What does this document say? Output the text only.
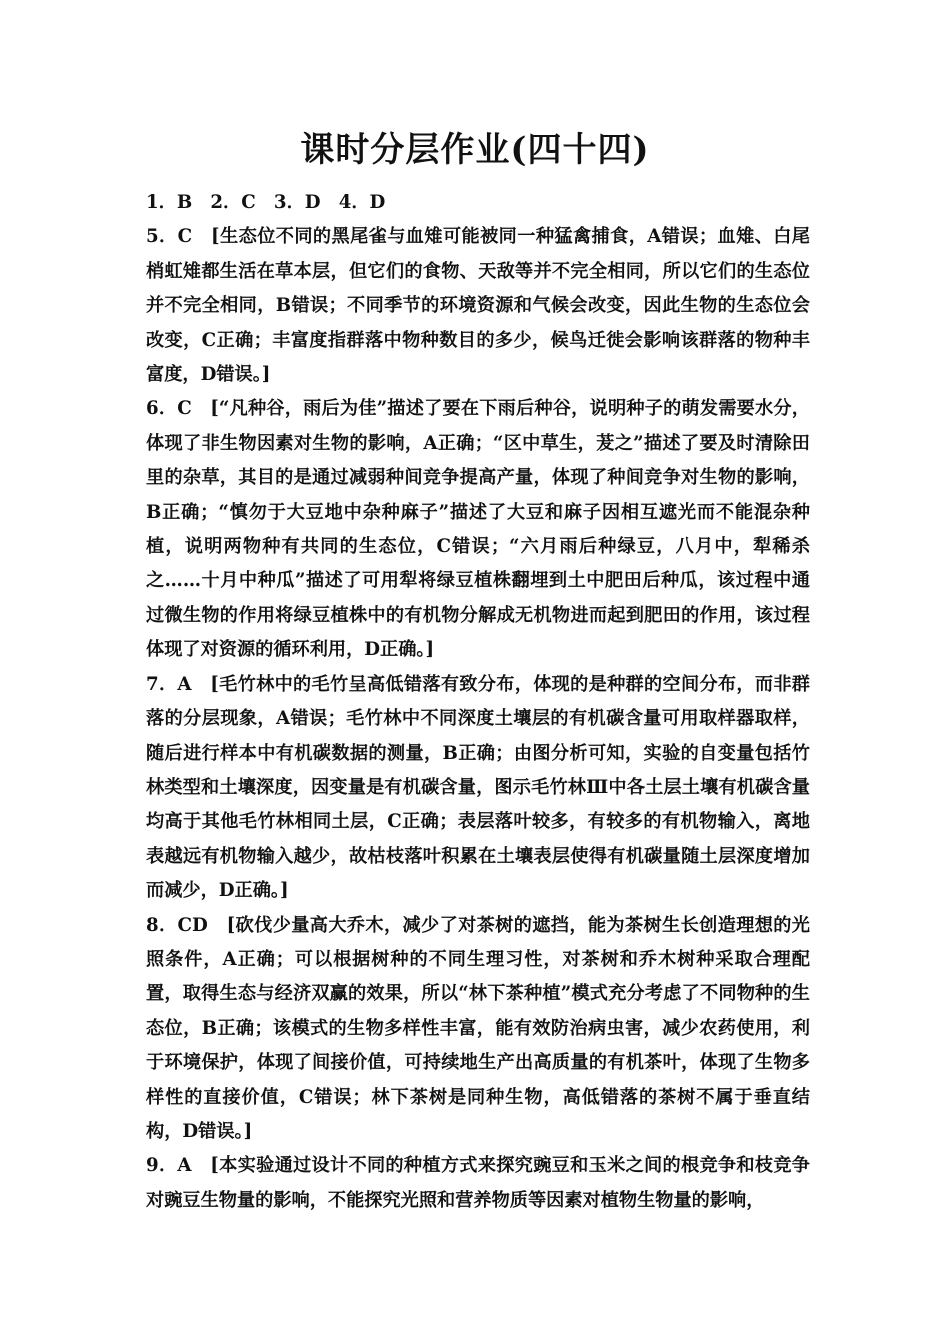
课时分层作业(四十四)

1．B　2．C　3．D　4．D

5．C　[生态位不同的黑尾雀与血雉可能被同一种猛禽捕食，A错误；血雉、白尾梢虹雉都生活在草本层，但它们的食物、天敌等并不完全相同，所以它们的生态位并不完全相同，B错误；不同季节的环境资源和气候会改变，因此生物的生态位会改变，C正确；丰富度指群落中物种数目的多少，候鸟迁徙会影响该群落的物种丰富度，D错误。]

6．C　[“凡种谷，雨后为佳”描述了要在下雨后种谷，说明种子的萌发需要水分，体现了非生物因素对生物的影响，A正确；“区中草生，茇之”描述了要及时清除田里的杂草，其目的是通过减弱种间竞争提高产量，体现了种间竞争对生物的影响，B正确；“慎勿于大豆地中杂种麻子”描述了大豆和麻子因相互遮光而不能混杂种植，说明两物种有共同的生态位，C错误；“六月雨后种绿豆，八月中，犁稀杀之……十月中种瓜”描述了可用犁将绿豆植株翻埋到土中肥田后种瓜，该过程中通过微生物的作用将绿豆植株中的有机物分解成无机物进而起到肥田的作用，该过程体现了对资源的循环利用，D正确。]

7．A　[毛竹林中的毛竹呈高低错落有致分布，体现的是种群的空间分布，而非群落的分层现象，A错误；毛竹林中不同深度土壤层的有机碳含量可用取样器取样，随后进行样本中有机碳数据的测量，B正确；由图分析可知，实验的自变量包括竹林类型和土壤深度，因变量是有机碳含量，图示毛竹林Ⅲ中各土层土壤有机碳含量均高于其他毛竹林相同土层，C正确；表层落叶较多，有较多的有机物输入，离地表越远有机物输入越少，故枯枝落叶积累在土壤表层使得有机碳量随土层深度增加而减少，D正确。]

8．CD　[砍伐少量高大乔木，减少了对茶树的遮挡，能为茶树生长创造理想的光照条件，A正确；可以根据树种的不同生理习性，对茶树和乔木树种采取合理配置，取得生态与经济双赢的效果，所以“林下茶种植”模式充分考虑了不同物种的生态位，B正确；该模式的生物多样性丰富，能有效防治病虫害，减少农药使用，利于环境保护，体现了间接价值，可持续地生产出高质量的有机茶叶，体现了生物多样性的直接价值，C错误；林下茶树是同种生物，高低错落的茶树不属于垂直结构，D错误。]

9．A　[本实验通过设计不同的种植方式来探究豌豆和玉米之间的根竞争和枝竞争对豌豆生物量的影响，不能探究光照和营养物质等因素对植物生物量的影响，
